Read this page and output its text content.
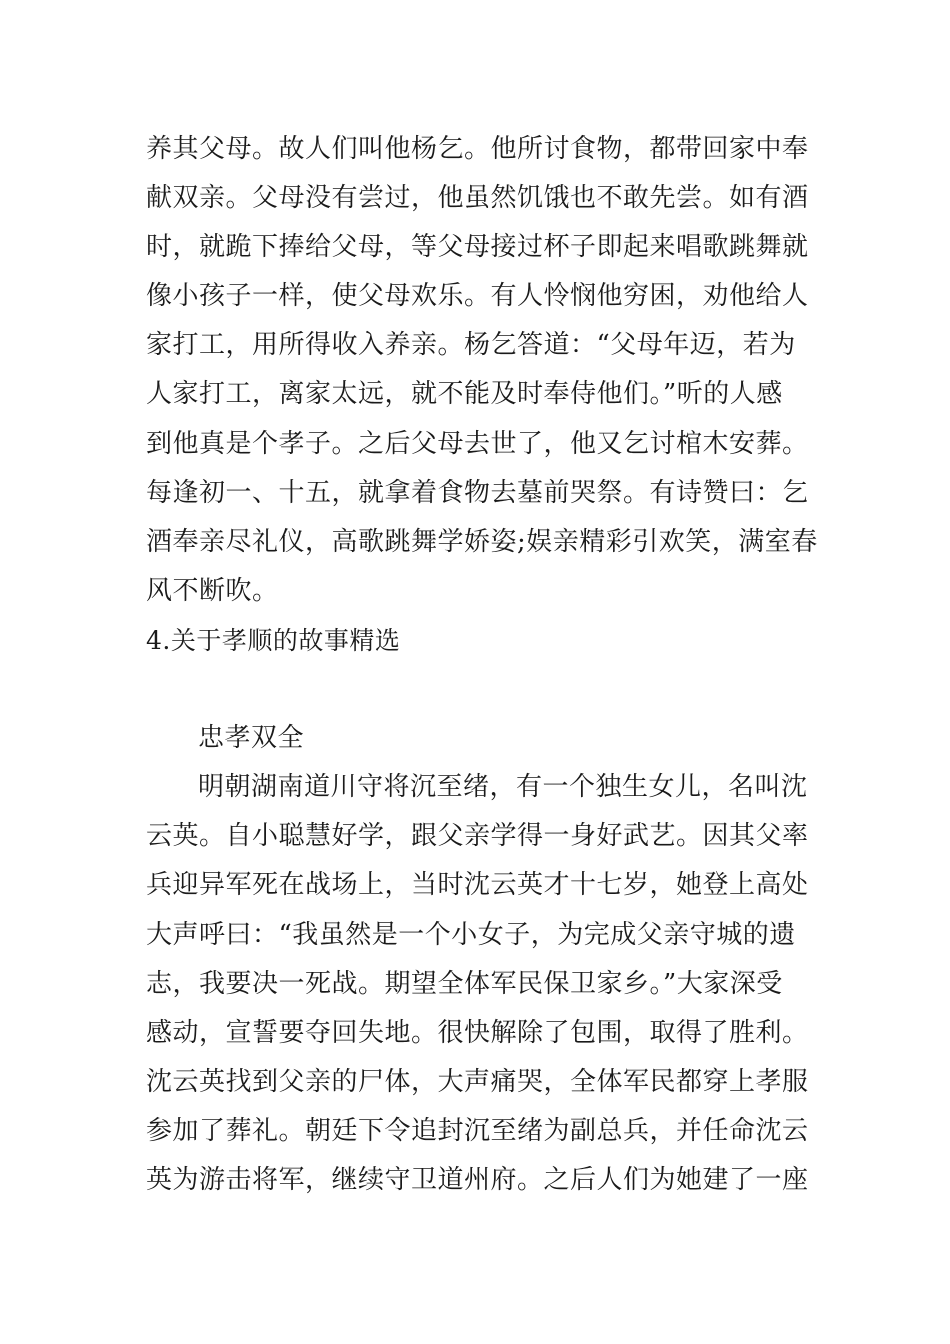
养其父母。故人们叫他杨乞。他所讨食物，都带回家中奉
献双亲。父母没有尝过，他虽然饥饿也不敢先尝。如有酒
时，就跪下捧给父母，等父母接过杯子即起来唱歌跳舞就
像小孩子一样，使父母欢乐。有人怜悯他穷困，劝他给人
家打工，用所得收入养亲。杨乞答道：“父母年迈，若为
人家打工，离家太远，就不能及时奉侍他们。”听的人感
到他真是个孝子。之后父母去世了，他又乞讨棺木安葬。
每逢初一、十五，就拿着食物去墓前哭祭。有诗赞曰：乞
酒奉亲尽礼仪，高歌跳舞学娇姿;娱亲精彩引欢笑，满室春
风不断吹。
4.关于孝顺的故事精选
忠孝双全
明朝湖南道川守将沉至绪，有一个独生女儿，名叫沈
云英。自小聪慧好学，跟父亲学得一身好武艺。因其父率
兵迎异军死在战场上，当时沈云英才十七岁，她登上高处
大声呼曰：“我虽然是一个小女子，为完成父亲守城的遗
志，我要决一死战。期望全体军民保卫家乡。”大家深受
感动，宣誓要夺回失地。很快解除了包围，取得了胜利。
沈云英找到父亲的尸体，大声痛哭，全体军民都穿上孝服
参加了葬礼。朝廷下令追封沉至绪为副总兵，并任命沈云
英为游击将军，继续守卫道州府。之后人们为她建了一座
